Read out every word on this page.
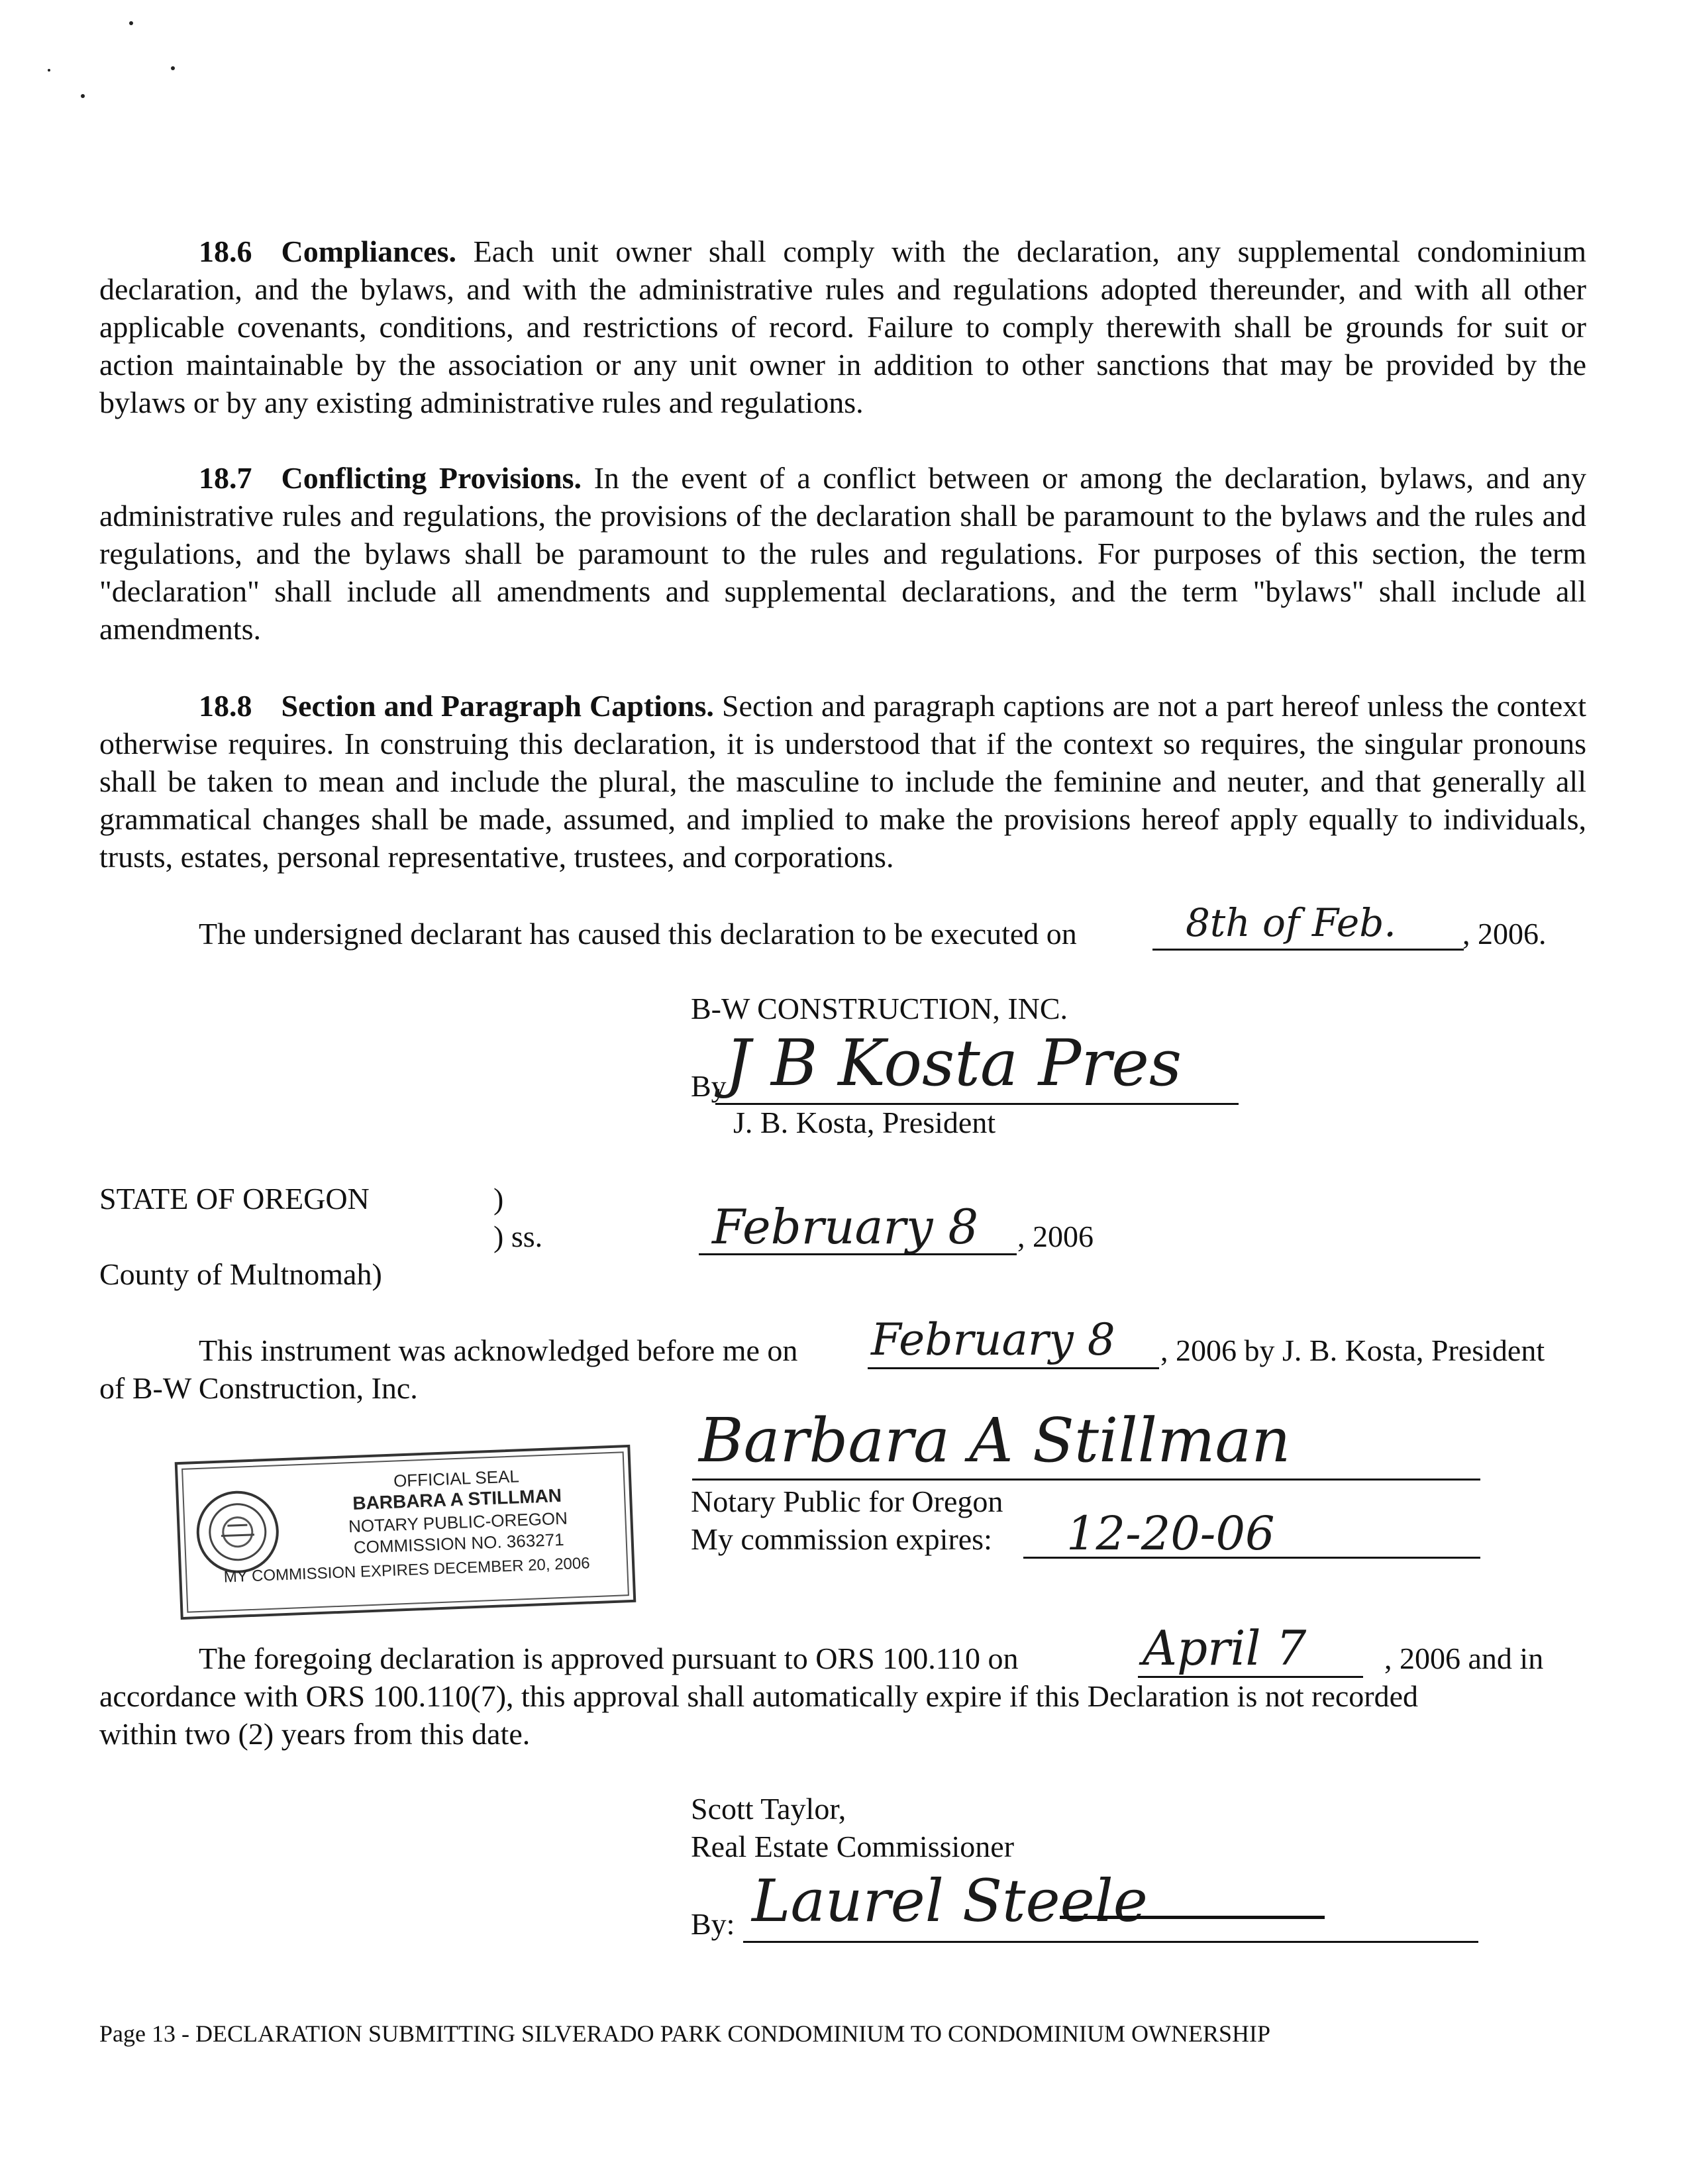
18.6 Compliances. Each unit owner shall comply with the declaration, any supplemental condominium declaration, and the bylaws, and with the administrative rules and regulations adopted thereunder, and with all other applicable covenants, conditions, and restrictions of record. Failure to comply therewith shall be grounds for suit or action maintainable by the association or any unit owner in addition to other sanctions that may be provided by the bylaws or by any existing administrative rules and regulations.
18.7 Conflicting Provisions. In the event of a conflict between or among the declaration, bylaws, and any administrative rules and regulations, the provisions of the declaration shall be paramount to the bylaws and the rules and regulations, and the bylaws shall be paramount to the rules and regulations. For purposes of this section, the term "declaration" shall include all amendments and supplemental declarations, and the term "bylaws" shall include all amendments.
18.8 Section and Paragraph Captions. Section and paragraph captions are not a part hereof unless the context otherwise requires. In construing this declaration, it is understood that if the context so requires, the singular pronouns shall be taken to mean and include the plural, the masculine to include the feminine and neuter, and that generally all grammatical changes shall be made, assumed, and implied to make the provisions hereof apply equally to individuals, trusts, estates, personal representative, trustees, and corporations.
The undersigned declarant has caused this declaration to be executed on	8th of Feb. , 2006.
B-W CONSTRUCTION, INC.
By
J B Kosta Pres
J. B. Kosta, President
STATE OF OREGON	)
) ss.
County of Multnomah)
February 8 , 2006
This instrument was acknowledged before me on February 8 , 2006 by J. B. Kosta, President
of B-W Construction, Inc.
Barbara A Stillman
Notary Public for Oregon
My commission expires: 12-20-06
OFFICIAL SEAL
BARBARA A STILLMAN
NOTARY PUBLIC-OREGON
COMMISSION NO. 363271
MY COMMISSION EXPIRES DECEMBER 20, 2006
The foregoing declaration is approved pursuant to ORS 100.110 on	April 7	, 2006 and in
accordance with ORS 100.110(7), this approval shall automatically expire if this Declaration is not recorded
within two (2) years from this date.
Scott Taylor,
Real Estate Commissioner
By: Laurel Steele
Page 13 - DECLARATION SUBMITTING SILVERADO PARK CONDOMINIUM TO CONDOMINIUM OWNERSHIP
